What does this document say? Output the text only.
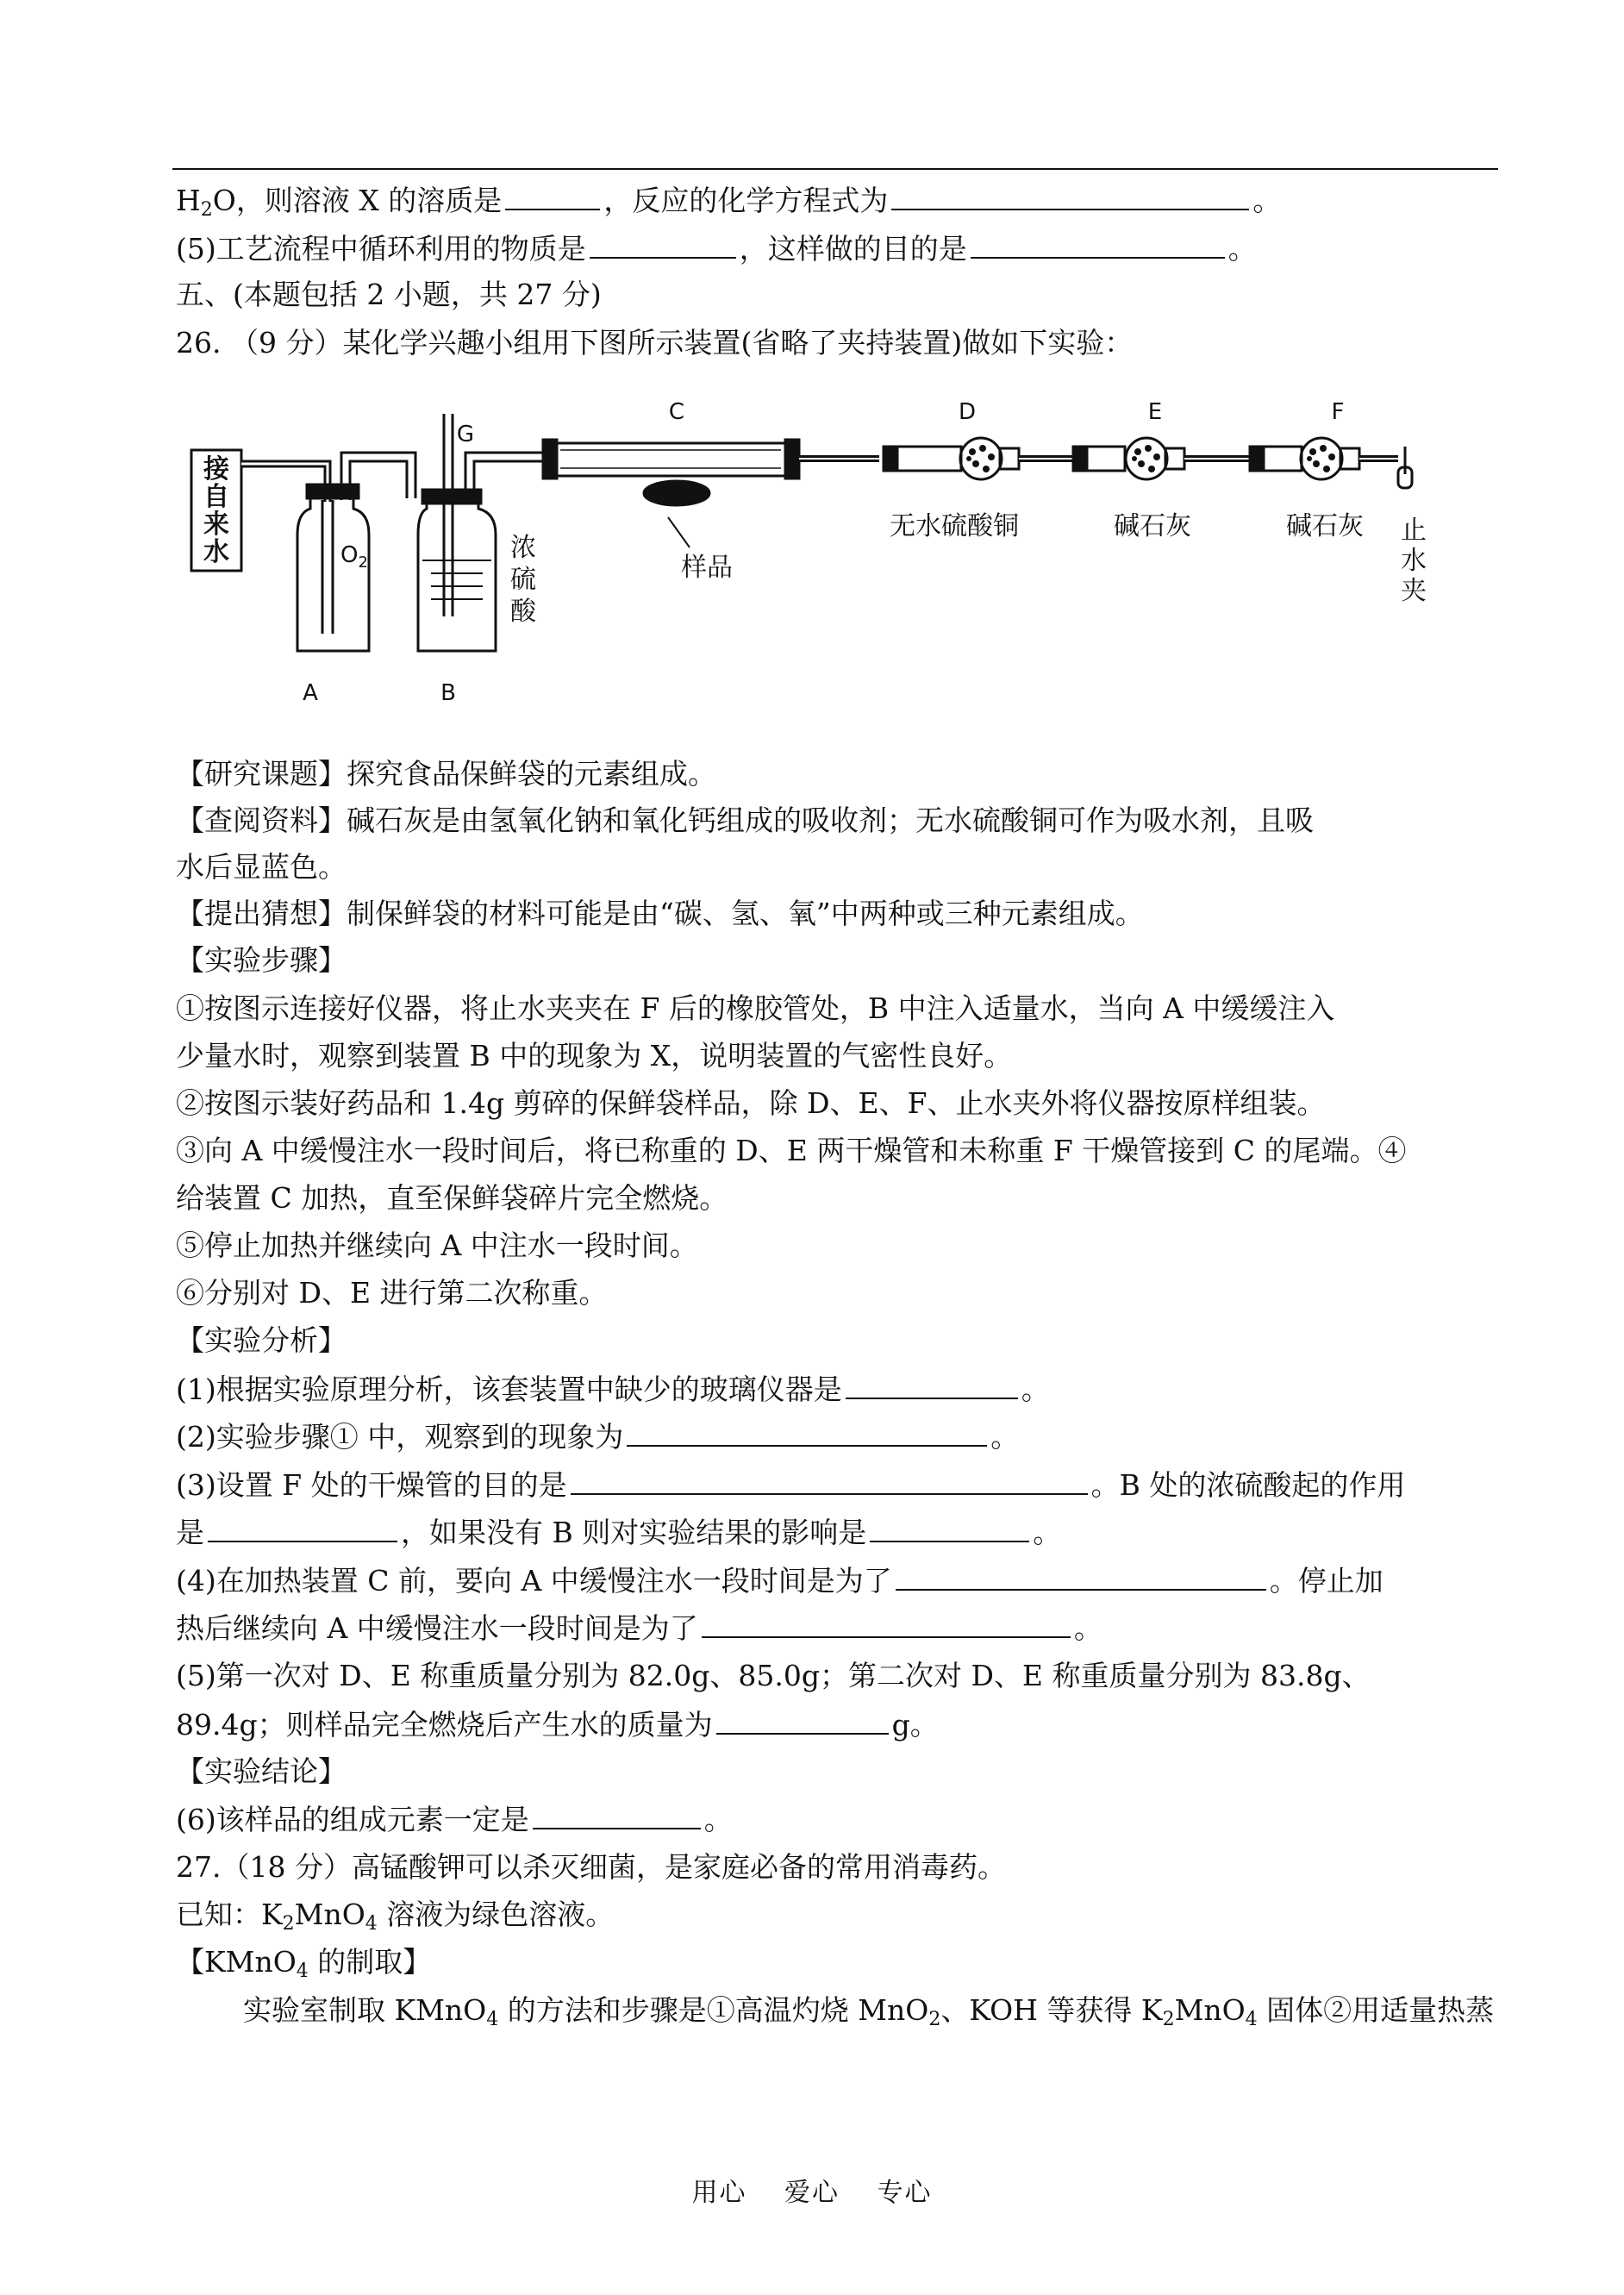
$H_2O$，则溶液 X 的溶质是	，反应的化学方程式为	。
(5)工艺流程中循环利用的物质是	，这样做的目的是	。
五、(本题包括 2 小题，共 27 分)
26. （9 分）某化学兴趣小组用下图所示装置(省略了夹持装置)做如下实验：
接
自
来
水
A	B
C	D	E	F
G
$O_2$	浓
硫
酸
样品
无水硫酸铜	碱石灰	碱石灰 止
水
夹
【研究课题】探究食品保鲜袋的元素组成。
【查阅资料】碱石灰是由氢氧化钠和氧化钙组成的吸收剂；无水硫酸铜可作为吸水剂，且吸
水后显蓝色。
【提出猜想】制保鲜袋的材料可能是由“碳、氢、氧”中两种或三种元素组成。
【实验步骤】
①按图示连接好仪器，将止水夹夹在 F 后的橡胶管处，B 中注入适量水，当向 A 中缓缓注入
少量水时，观察到装置 B 中的现象为 X，说明装置的气密性良好。
②按图示装好药品和 1.4g 剪碎的保鲜袋样品，除 D、E、F、止水夹外将仪器按原样组装。
③向 A 中缓慢注水一段时间后，将已称重的 D、E 两干燥管和未称重 F 干燥管接到 C 的尾端。④
给装置 C 加热，直至保鲜袋碎片完全燃烧。
⑤停止加热并继续向 A 中注水一段时间。
⑥分别对 D、E 进行第二次称重。
【实验分析】
(1)根据实验原理分析，该套装置中缺少的玻璃仪器是	。
(2)实验步骤① 中，观察到的现象为	。
(3)设置 F 处的干燥管的目的是	。B 处的浓硫酸起的作用
是	，如果没有 B 则对实验结果的影响是	。
(4)在加热装置 C 前，要向 A 中缓慢注水一段时间是为了	。停止加
热后继续向 A 中缓慢注水一段时间是为了	。
(5)第一次对 D、E 称重质量分别为 82.0g、85.0g；第二次对 D、E 称重质量分别为 83.8g、
89.4g；则样品完全燃烧后产生水的质量为	g。
【实验结论】
(6)该样品的组成元素一定是	。
27.（18 分）高锰酸钾可以杀灭细菌，是家庭必备的常用消毒药。
已知：$K_2MnO_4$ 溶液为绿色溶液。
【KMnO$_4$ 的制取】
实验室制取 KMnO$_4$ 的方法和步骤是①高温灼烧 MnO$_2$、KOH 等获得 $K_2MnO_4$ 固体②用适量热蒸
用心 爱心 专心
